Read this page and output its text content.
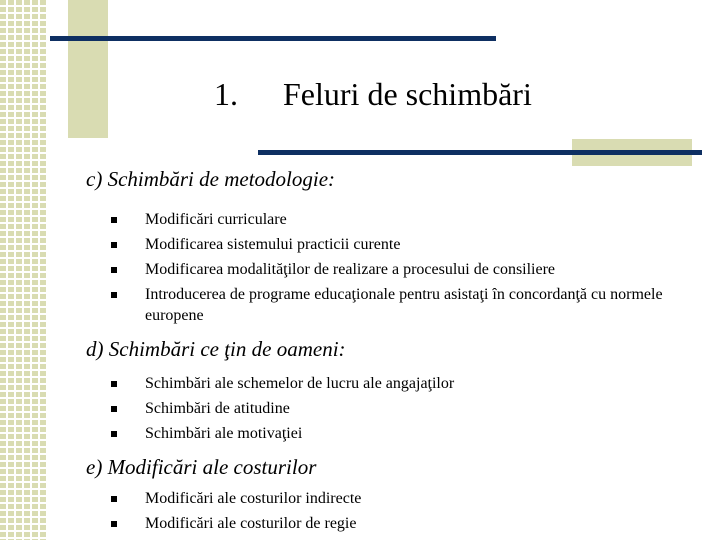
1. Feluri de schimbări

c) Schimbări de metodologie:

Modificări curriculare
Modificarea sistemului practicii curente
Modificarea modalităţilor de realizare a procesului de consiliere
Introducerea de programe educaţionale pentru asistaţi în concordanţă cu normele europene

d) Schimbări ce ţin de oameni:

Schimbări ale schemelor de lucru ale angajaţilor
Schimbări de atitudine
Schimbări ale motivaţiei

e) Modificări ale costurilor

Modificări ale costurilor indirecte
Modificări ale costurilor de regie
